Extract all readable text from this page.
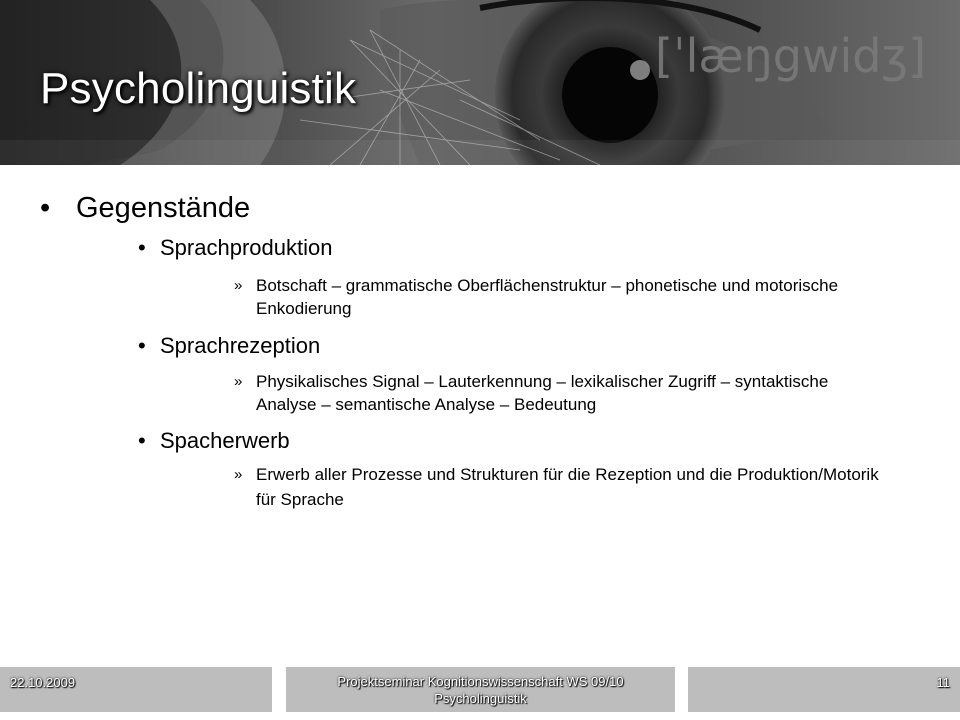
[ˈlæŋgwidʒ]
Psycholinguistik
• Gegenstände
• Sprachproduktion
» Botschaft – grammatische Oberflächenstruktur – phonetische und motorische Enkodierung
• Sprachrezeption
» Physikalisches Signal – Lauterkennung – lexikalischer Zugriff – syntaktische Analyse – semantische Analyse – Bedeutung
• Spacherwerb
» Erwerb aller Prozesse und Strukturen für die Rezeption und die Produktion/Motorik für Sprache
22.10.2009	Projektseminar Kognitionswissenschaft WS 09/10
Psycholinguistik
11
